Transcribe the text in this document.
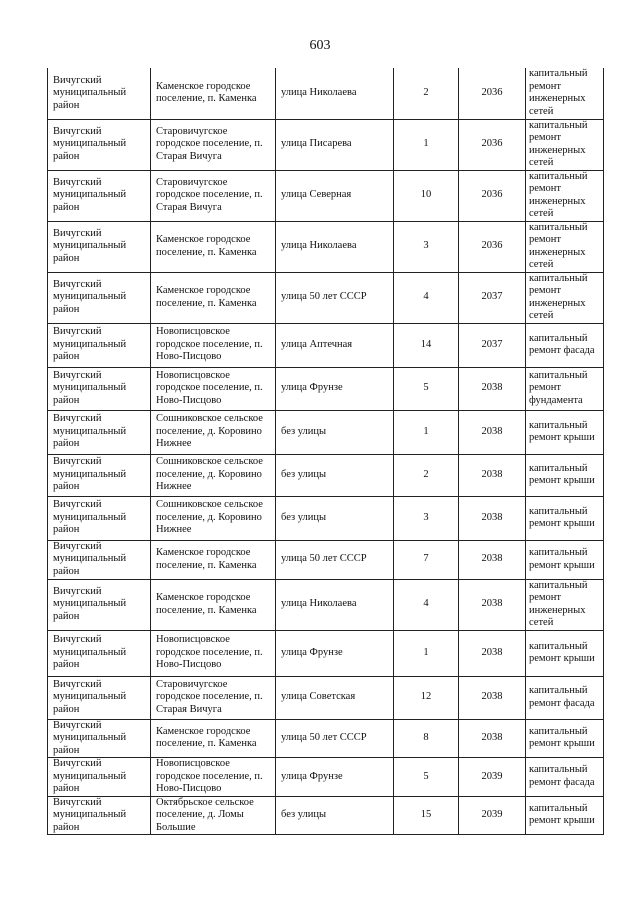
603
Вичугский муниципальный район	Каменское городское поселение, п. Каменка	улица Николаева	2	2036	капитальный ремонт инженерных сетей
Вичугский муниципальный район	Старовичугское городское поселение, п. Старая Вичуга	улица Писарева	1	2036	капитальный ремонт инженерных сетей
Вичугский муниципальный район	Старовичугское городское поселение, п. Старая Вичуга	улица Северная	10	2036	капитальный ремонт инженерных сетей
Вичугский муниципальный район	Каменское городское поселение, п. Каменка	улица Николаева	3	2036	капитальный ремонт инженерных сетей
Вичугский муниципальный район	Каменское городское поселение, п. Каменка	улица 50 лет СССР	4	2037	капитальный ремонт инженерных сетей
Вичугский муниципальный район	Новописцовское городское поселение, п. Ново-Писцово	улица Аптечная	14	2037	капитальный ремонт фасада
Вичугский муниципальный район	Новописцовское городское поселение, п. Ново-Писцово	улица Фрунзе	5	2038	капитальный ремонт фундамента
Вичугский муниципальный район	Сошниковское сельское поселение, д. Коровино Нижнее	без улицы	1	2038	капитальный ремонт крыши
Вичугский муниципальный район	Сошниковское сельское поселение, д. Коровино Нижнее	без улицы	2	2038	капитальный ремонт крыши
Вичугский муниципальный район	Сошниковское сельское поселение, д. Коровино Нижнее	без улицы	3	2038	капитальный ремонт крыши
Вичугский муниципальный район	Каменское городское поселение, п. Каменка	улица 50 лет СССР	7	2038	капитальный ремонт крыши
Вичугский муниципальный район	Каменское городское поселение, п. Каменка	улица Николаева	4	2038	капитальный ремонт инженерных сетей
Вичугский муниципальный район	Новописцовское городское поселение, п. Ново-Писцово	улица Фрунзе	1	2038	капитальный ремонт крыши
Вичугский муниципальный район	Старовичугское городское поселение, п. Старая Вичуга	улица Советская	12	2038	капитальный ремонт фасада
Вичугский муниципальный район	Каменское городское поселение, п. Каменка	улица 50 лет СССР	8	2038	капитальный ремонт крыши
Вичугский муниципальный район	Новописцовское городское поселение, п. Ново-Писцово	улица Фрунзе	5	2039	капитальный ремонт фасада
Вичугский муниципальный район	Октябрьское сельское поселение, д. Ломы Большие	без улицы	15	2039	капитальный ремонт крыши
